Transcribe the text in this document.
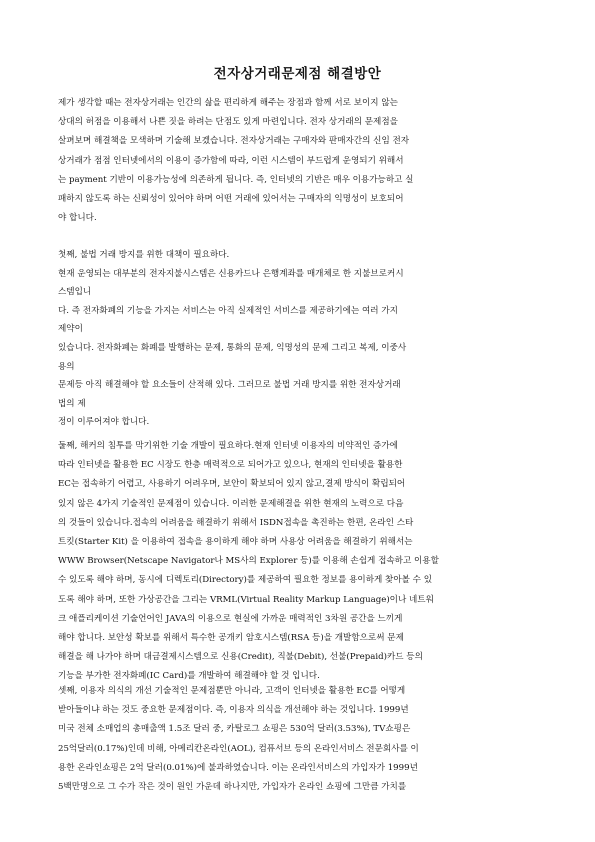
전자상거래문제점 해결방안
제가 생각할 때는 전자상거래는 인간의 삶을 편리하게 해주는 장점과 함께 서로 보이지 않는
상대의 허점을 이용해서 나쁜 짓을 하려는 단점도 있게 마련입니다. 전자 상거래의 문제점을
살펴보며 해결책을 모색하며 기술해 보겠습니다. 전자상거래는 구매자와 판매자간의 신임 전자
상거래가 점점 인터넷에서의 이용이 증가함에 따라, 이런 시스템이 부드럽게 운영되기 위해서
는 payment 기반이 이용가능성에 의존하게 됩니다. 즉, 인터넷의 기반은 매우 이용가능하고 실
패하지 않도록 하는 신뢰성이 있어야 하며 어떤 거래에 있어서는 구매자의 익명성이 보호되어
야 합니다.
첫째, 불법 거래 방지를 위한 대책이 필요하다.
현재 운영되는 대부분의 전자지불시스템은 신용카드나 은행계좌를 매개체로 한 지불브로커시
스템입니
다. 즉 전자화폐의 기능을 가지는 서비스는 아직 실제적인 서비스를 제공하기에는 여러 가지
제약이
있습니다. 전자화폐는 화폐를 발행하는 문제, 통화의 문제, 익명성의 문제 그리고 복제, 이중사
용의
문제등 아직 해결해야 할 요소들이 산적해 있다. 그러므로 불법 거래 방지를 위한 전자상거래
법의 제
정이 이루어져야 합니다.
둘째, 해커의 침투를 막기위한 기술 개발이 필요하다.현재 인터넷 이용자의 비약적인 증가에
따라 인터넷을 활용한 EC 시장도 한층 매력적으로 되어가고 있으나, 현재의 인터넷을 활용한
EC는 접속하기 어렵고, 사용하기 어려우며, 보안이 확보되어 있지 않고,결제 방식이 확립되어
있지 않은 4가지 기술적인 문제점이 있습니다. 이러한 문제해결을 위한 현재의 노력으로 다음
의 것들이 있습니다.접속의 어려움을 해결하기 위해서 ISDN접속을 촉진하는 한편, 온라인 스타
트킷(Starter Kit) 을 이용하여 접속을 용이하게 해야 하며 사용상 어려움을 해결하기 위해서는
WWW Browser(Netscape Navigator나 MS사의 Explorer 등)를 이용해 손쉽게 접속하고 이용할
수 있도록 해야 하며, 동시에 디렉토리(Directory)를 제공하여 필요한 정보를 용이하게 찾아볼 수 있
도록 해야 하며, 또한 가상공간을 그리는 VRML(Virtual Reality Markup Language)이나 네트워
크 애플리케이션 기술언어인 JAVA의 이용으로 현실에 가까운 매력적인 3차원 공간을 느끼게
해야 합니다. 보안성 확보를 위해서 특수한 공개키 암호시스템(RSA 등)을 개발함으로써 문제
해결을 해 나가야 하며 대금결제시스템으로 신용(Credit), 직불(Debit), 선불(Prepaid)카드 등의
기능을 부가한 전자화폐(IC Card)를 개발하여 해결해야 할 것 입니다.
셋째, 이용자 의식의 개선 기술적인 문제점뿐만 아니라, 고객이 인터넷을 활용한 EC를 어떻게
받아들이냐 하는 것도 중요한 문제점이다. 즉, 이용자 의식을 개선해야 하는 것입니다. 1999년
미국 전체 소매업의 총매출액 1.5조 달러 중, 카탈로그 쇼핑은 530억 달러(3.53%), TV쇼핑은
25억달러(0.17%)인데 비해, 아메리칸온라인(AOL), 컴퓨서브 등의 온라인서비스 전문회사를 이
용한 온라인쇼핑은 2억 달러(0.01%)에 불과하였습니다. 이는 온라인서비스의 가입자가 1999년
5백만명으로 그 수가 작은 것이 원인 가운데 하나지만, 가입자가 온라인 쇼핑에 그만큼 가치를
